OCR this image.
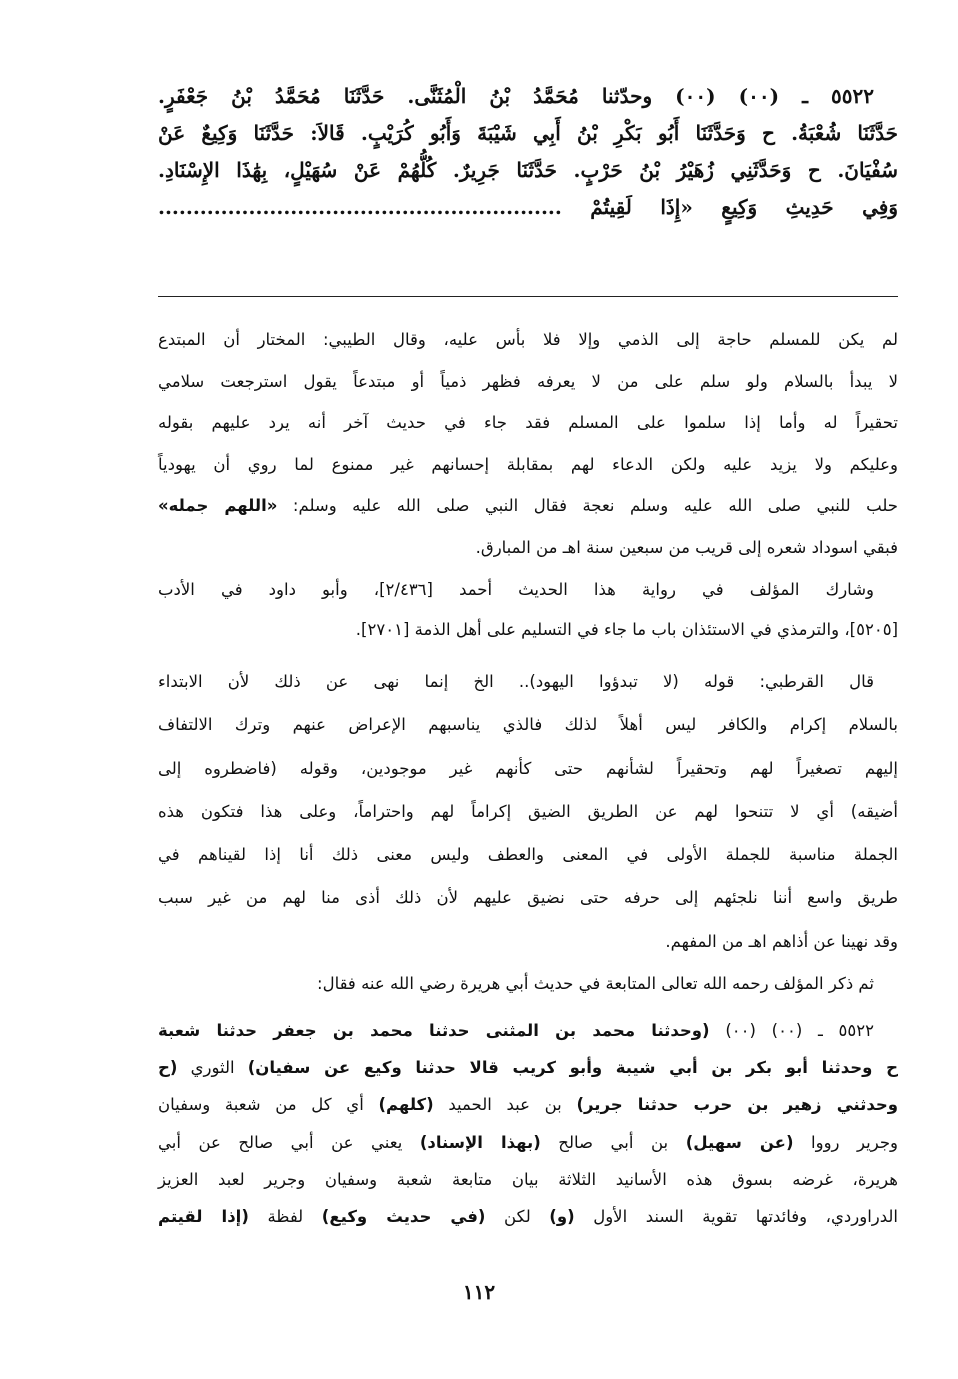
٥٥٢٢ ـ (٠٠) (٠٠) وحدّثنا مُحَمَّدُ بْنُ الْمُثَنَّى. حَدَّثَنَا مُحَمَّدُ بْنُ جَعْفَرٍ.
حَدَّثَنَا شُعْبَةُ. ح وَحَدَّثَنَا أَبُو بَكْرِ بْنُ أَبِي شَيْبَةَ وَأَبُو كُرَيْبٍ. قَالاَ: حَدَّثَنَا وَكِيعٌ عَنْ
سُفْيَانَ. ح وَحَدَّثَنِي زُهَيْرُ بْنُ حَرْبٍ. حَدَّثَنَا جَرِيرٌ. كُلُّهُمْ عَنْ سُهَيْلٍ، بِهَٰذَا الإِسْنَادِ.
وَفِي حَدِيثِ وَكِيعٍ «إِذَا لَقِيتُمْ ..........................................................
لم يكن للمسلم حاجة إلى الذمي وإلا فلا بأس عليه، وقال الطيبي: المختار أن المبتدع
لا يبدأ بالسلام ولو سلم على من لا يعرفه فظهر ذمياً أو مبتدعاً يقول استرجعت سلامي
تحقيراً له وأما إذا سلموا على المسلم فقد جاء في حديث آخر أنه يرد عليهم بقوله
وعليكم ولا يزيد عليه ولكن الدعاء لهم بمقابلة إحسانهم غير ممنوع لما روي أن يهودياً
حلب للنبي صلى الله عليه وسلم نعجة فقال النبي صلى الله عليه وسلم: «اللهم جمله»
فبقي اسوداد شعره إلى قريب من سبعين سنة اهـ من المبارق.
وشارك المؤلف في رواية هذا الحديث أحمد [٢/٤٣٦]، وأبو داود في الأدب
[٥٢٠٥]، والترمذي في الاستئذان باب ما جاء في التسليم على أهل الذمة [٢٧٠١].
قال القرطبي: قوله (لا تبدؤوا اليهود).. الخ إنما نهى عن ذلك لأن الابتداء
بالسلام إكرام والكافر ليس أهلاً لذلك فالذي يناسبهم الإعراض عنهم وترك الالتفاف
إليهم تصغيراً لهم وتحقيراً لشأنهم حتى كأنهم غير موجودين، وقوله (فاضطروه إلى
أضيقه) أي لا تتنحوا لهم عن الطريق الضيق إكراماً لهم واحتراماً، وعلى هذا فتكون هذه
الجملة مناسبة للجملة الأولى في المعنى والعطف وليس معنى ذلك أنا إذا لقيناهم في
طريق واسع أننا نلجئهم إلى حرفه حتى نضيق عليهم لأن ذلك أذى منا لهم من غير سبب
وقد نهينا عن أذاهم اهـ من المفهم.
ثم ذكر المؤلف رحمه الله تعالى المتابعة في حديث أبي هريرة رضي الله عنه فقال:
٥٥٢٢ ـ (٠٠) (٠٠) (وحدثنا محمد بن المثنى حدثنا محمد بن جعفر حدثنا شعبة
ح وحدثنا أبو بكر بن أبي شيبة وأبو كريب قالا حدثنا وكيع عن سفيان) الثوري (ح
وحدثني زهير بن حرب حدثنا جرير) بن عبد الحميد (كلهم) أي كل من شعبة وسفيان
وجرير رووا (عن سهيل) بن أبي صالح (بهذا الإسناد) يعني عن أبي صالح عن أبي
هريرة، غرضه بسوق هذه الأسانيد الثلاثة بيان متابعة شعبة وسفيان وجرير لعبد العزيز
الدراوردي، وفائدتها تقوية السند الأول (و) لكن (في حديث وكيع) لفظة (إذا لقيتم
١١٢
